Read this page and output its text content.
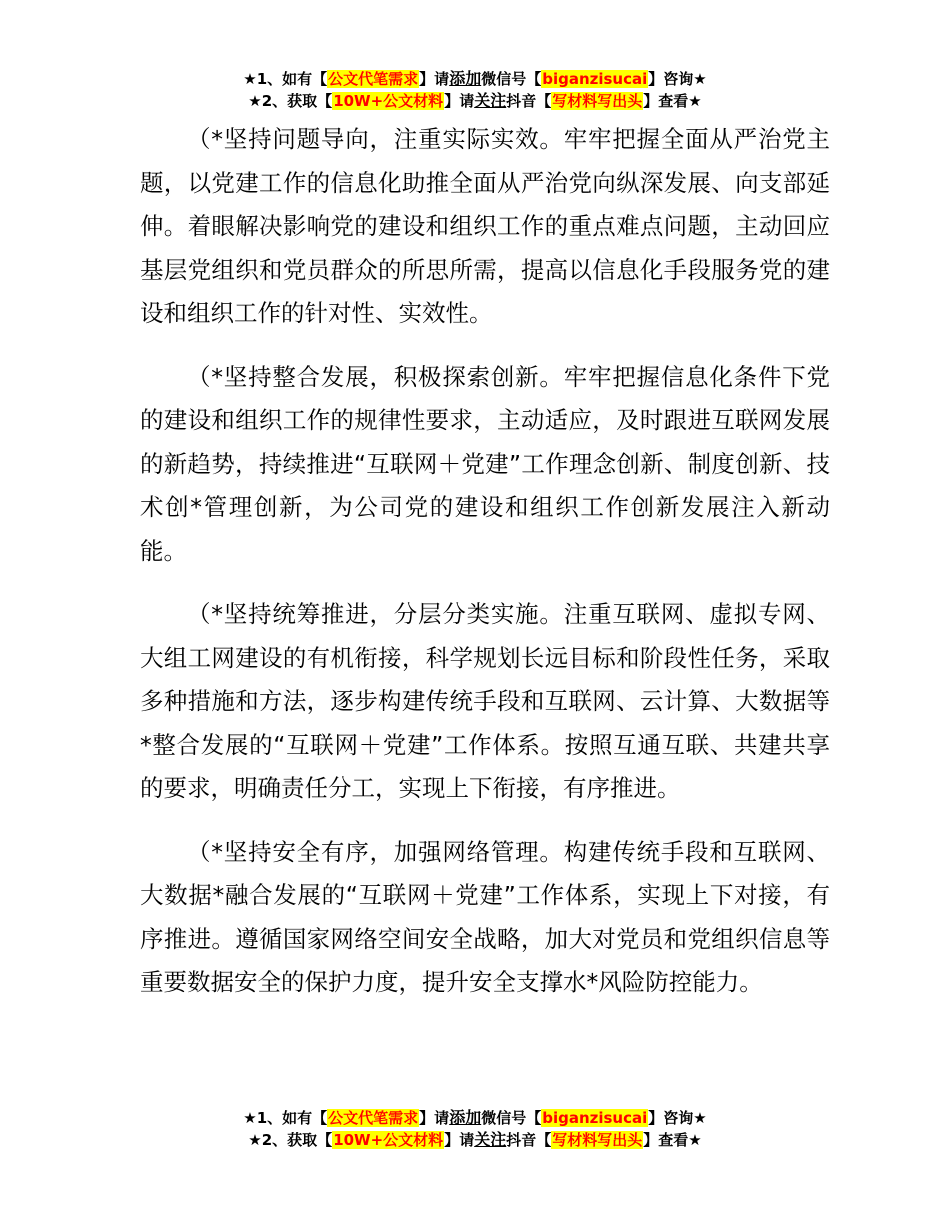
★1、如有【公文代笔需求】请添加微信号【biganzisucai】咨询★
★2、获取【10W+公文材料】请关注抖音【写材料写出头】查看★

（*坚持问题导向，注重实际实效。牢牢把握全面从严治党主题，以党建工作的信息化助推全面从严治党向纵深发展、向支部延伸。着眼解决影响党的建设和组织工作的重点难点问题，主动回应基层党组织和党员群众的所思所需，提高以信息化手段服务党的建设和组织工作的针对性、实效性。

（*坚持整合发展，积极探索创新。牢牢把握信息化条件下党的建设和组织工作的规律性要求，主动适应，及时跟进互联网发展的新趋势，持续推进“互联网＋党建”工作理念创新、制度创新、技术创*管理创新，为公司党的建设和组织工作创新发展注入新动能。

（*坚持统筹推进，分层分类实施。注重互联网、虚拟专网、大组工网建设的有机衔接，科学规划长远目标和阶段性任务，采取多种措施和方法，逐步构建传统手段和互联网、云计算、大数据等*整合发展的“互联网＋党建”工作体系。按照互通互联、共建共享的要求，明确责任分工，实现上下衔接，有序推进。

（*坚持安全有序，加强网络管理。构建传统手段和互联网、大数据*融合发展的“互联网＋党建”工作体系，实现上下对接，有序推进。遵循国家网络空间安全战略，加大对党员和党组织信息等重要数据安全的保护力度，提升安全支撑水*风险防控能力。

★1、如有【公文代笔需求】请添加微信号【biganzisucai】咨询★
★2、获取【10W+公文材料】请关注抖音【写材料写出头】查看★
